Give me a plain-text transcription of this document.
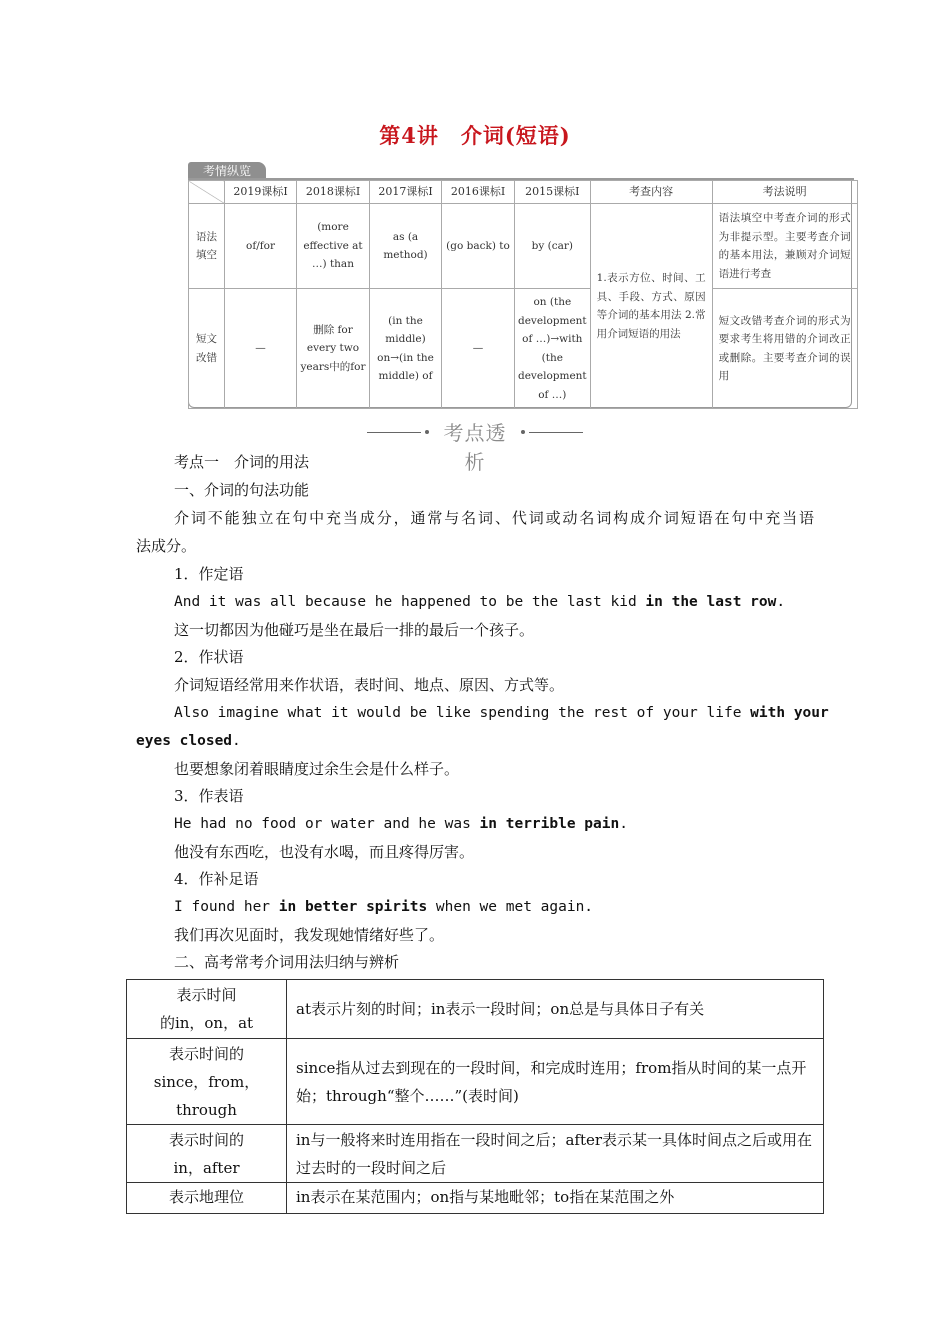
第4讲　介词(短语)
考情纵览
	2019课标Ⅰ	2018课标Ⅰ	2017课标Ⅰ	2016课标Ⅰ	2015课标Ⅰ	考查内容	考法说明
语法填空	of/for	(more effective at …) than	as (a method)	(go back) to	by (car)	1.表示方位、时间、工具、手段、方式、原因等介词的基本用法 2.常用介词短语的用法	语法填空中考查介词的形式为非提示型。主要考查介词的基本用法，兼顾对介词短语进行考查
短文改错	—	删除 for every two years中的for	(in the middle) on→(in the middle) of	—	on (the development of …)→with (the development of …)		短文改错考查介词的形式为要求考生将用错的介词改正或删除。主要考查介词的误用
考点透析
考点一　介词的用法
一、介词的句法功能
介词不能独立在句中充当成分，通常与名词、代词或动名词构成介词短语在句中充当语
法成分。
1．作定语
And it was all because he happened to be the last kid in the last row.
这一切都因为他碰巧是坐在最后一排的最后一个孩子。
2．作状语
介词短语经常用来作状语，表时间、地点、原因、方式等。
Also imagine what it would be like spending the rest of your life with your
eyes closed.
也要想象闭着眼睛度过余生会是什么样子。
3．作表语
He had no food or water and he was in terrible pain.
他没有东西吃，也没有水喝，而且疼得厉害。
4．作补足语
I found her in better spirits when we met again.
我们再次见面时，我发现她情绪好些了。
二、高考常考介词用法归纳与辨析
表示时间
的in，on，at	at表示片刻的时间；in表示一段时间；on总是与具体日子有关

表示时间的
since，from，
through	since指从过去到现在的一段时间，和完成时连用；from指从时间的某一点开始；through“整个……”(表时间)

表示时间的
in，after	in与一般将来时连用指在一段时间之后；after表示某一具体时间点之后或用在过去时的一段时间之后
表示地理位	in表示在某范围内；on指与某地毗邻；to指在某范围之外
